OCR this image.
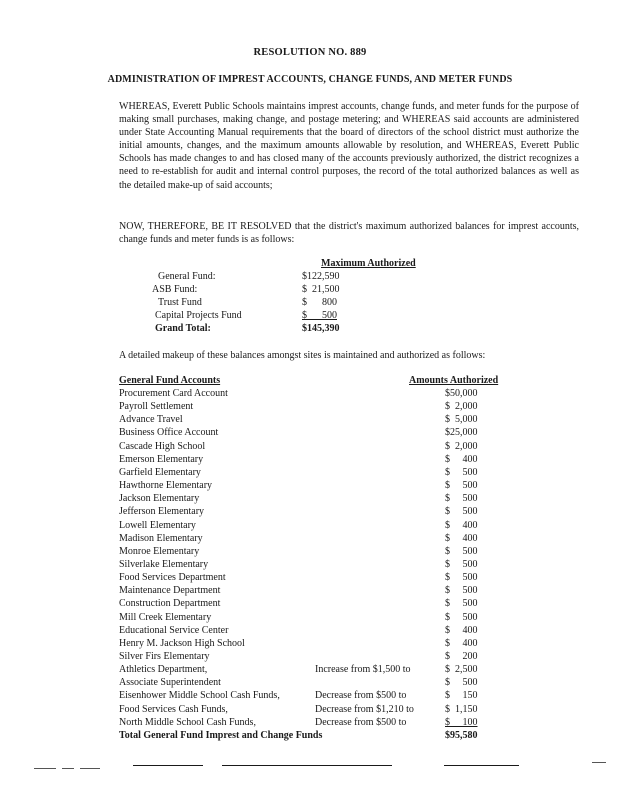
RESOLUTION NO. 889
ADMINISTRATION OF IMPREST ACCOUNTS, CHANGE FUNDS, AND METER FUNDS

WHEREAS, Everett Public Schools maintains imprest accounts, change funds, and meter funds for the purpose of making small purchases, making change, and postage metering; and WHEREAS said accounts are administered under State Accounting Manual requirements that the board of directors of the school district must authorize the initial amounts, changes, and the maximum amounts allowable by resolution, and WHEREAS, Everett Public Schools has made changes to and has closed many of the accounts previously authorized, the district recognizes a need to re-establish for audit and internal control purposes, the record of the total authorized balances as well as the detailed make-up of said accounts;

NOW, THEREFORE, BE IT RESOLVED that the district's maximum authorized balances for imprest accounts, change funds and meter funds is as follows:

Maximum Authorized
General Fund:	$122,590
ASB Fund:	$  21,500
Trust Fund	$      800
Capital Projects Fund	$      500
Grand Total:	$145,390

A detailed makeup of these balances amongst sites is maintained and authorized as follows:

General Fund Accounts	Amounts Authorized
Procurement Card Account	$50,000
Payroll Settlement	$  2,000
Advance Travel	$  5,000
Business Office Account	$25,000
Cascade High School	$  2,000
Emerson Elementary	$     400
Garfield Elementary	$     500
Hawthorne Elementary	$     500
Jackson Elementary	$     500
Jefferson Elementary	$     500
Lowell Elementary	$     400
Madison Elementary	$     400
Monroe Elementary	$     500
Silverlake Elementary	$     500
Food Services Department	$     500
Maintenance Department	$     500
Construction Department	$     500
Mill Creek Elementary	$     500
Educational Service Center	$     400
Henry M. Jackson High School	$     400
Silver Firs Elementary	$     200
Athletics Department,	Increase from $1,500 to	$  2,500
Associate Superintendent	$     500
Eisenhower Middle School Cash Funds,	Decrease from $500 to	$     150
Food Services Cash Funds,	Decrease from $1,210 to	$  1,150
North Middle School Cash Funds,	Decrease from $500 to	$     100
Total General Fund Imprest and Change Funds	$95,580
